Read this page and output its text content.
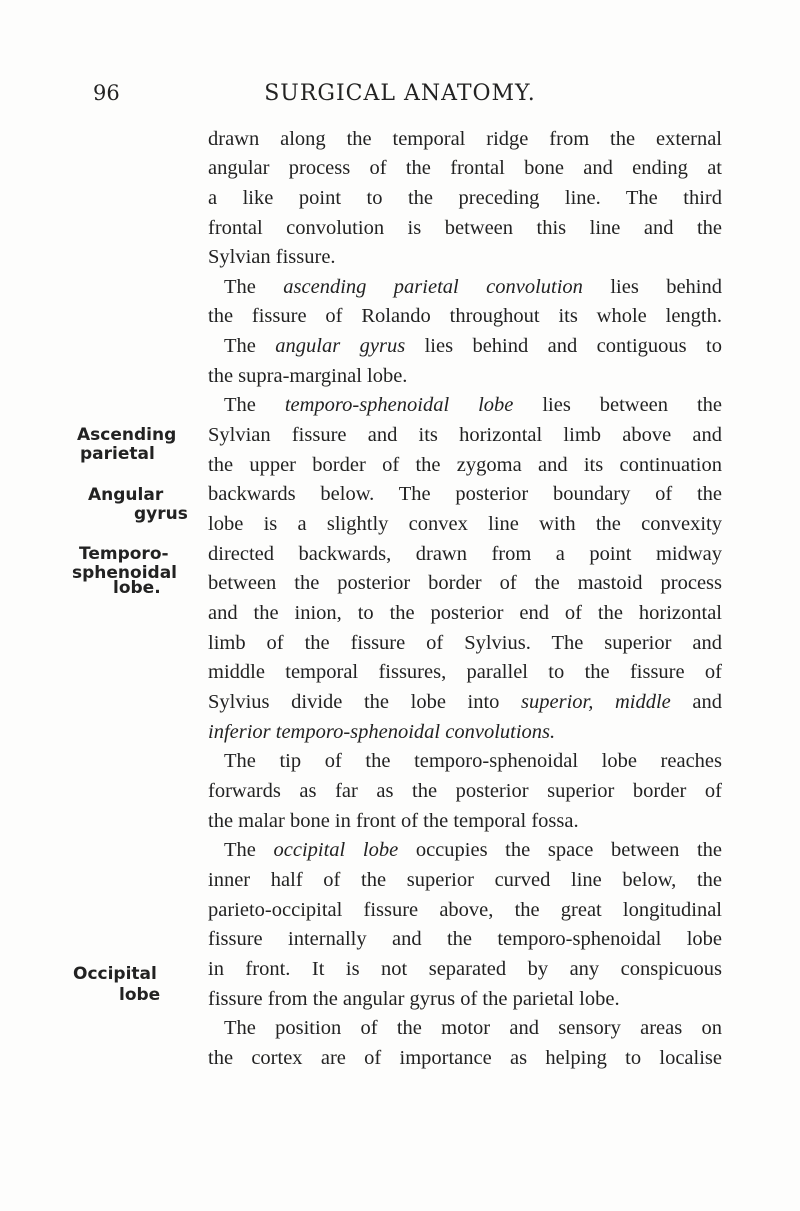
96	SURGICAL ANATOMY.
Ascending
parietal
Angular
gyrus
Temporo-
sphenoidal
lobe.
Occipital
lobe
drawn along the temporal ridge from the external
angular process of the frontal bone and ending at
a like point to the preceding line. The third
frontal convolution is between this line and the
Sylvian fissure.
The ascending parietal convolution lies behind
the fissure of Rolando throughout its whole length.
The angular gyrus lies behind and contiguous to
the supra-marginal lobe.
The temporo-sphenoidal lobe lies between the
Sylvian fissure and its horizontal limb above and
the upper border of the zygoma and its continuation
backwards below. The posterior boundary of the
lobe is a slightly convex line with the convexity
directed backwards, drawn from a point midway
between the posterior border of the mastoid process
and the inion, to the posterior end of the horizontal
limb of the fissure of Sylvius. The superior and
middle temporal fissures, parallel to the fissure of
Sylvius divide the lobe into superior, middle and
inferior temporo-sphenoidal convolutions.
The tip of the temporo-sphenoidal lobe reaches
forwards as far as the posterior superior border of
the malar bone in front of the temporal fossa.
The occipital lobe occupies the space between the
inner half of the superior curved line below, the
parieto-occipital fissure above, the great longitudinal
fissure internally and the temporo-sphenoidal lobe
in front. It is not separated by any conspicuous
fissure from the angular gyrus of the parietal lobe.
The position of the motor and sensory areas on
the cortex are of importance as helping to localise
